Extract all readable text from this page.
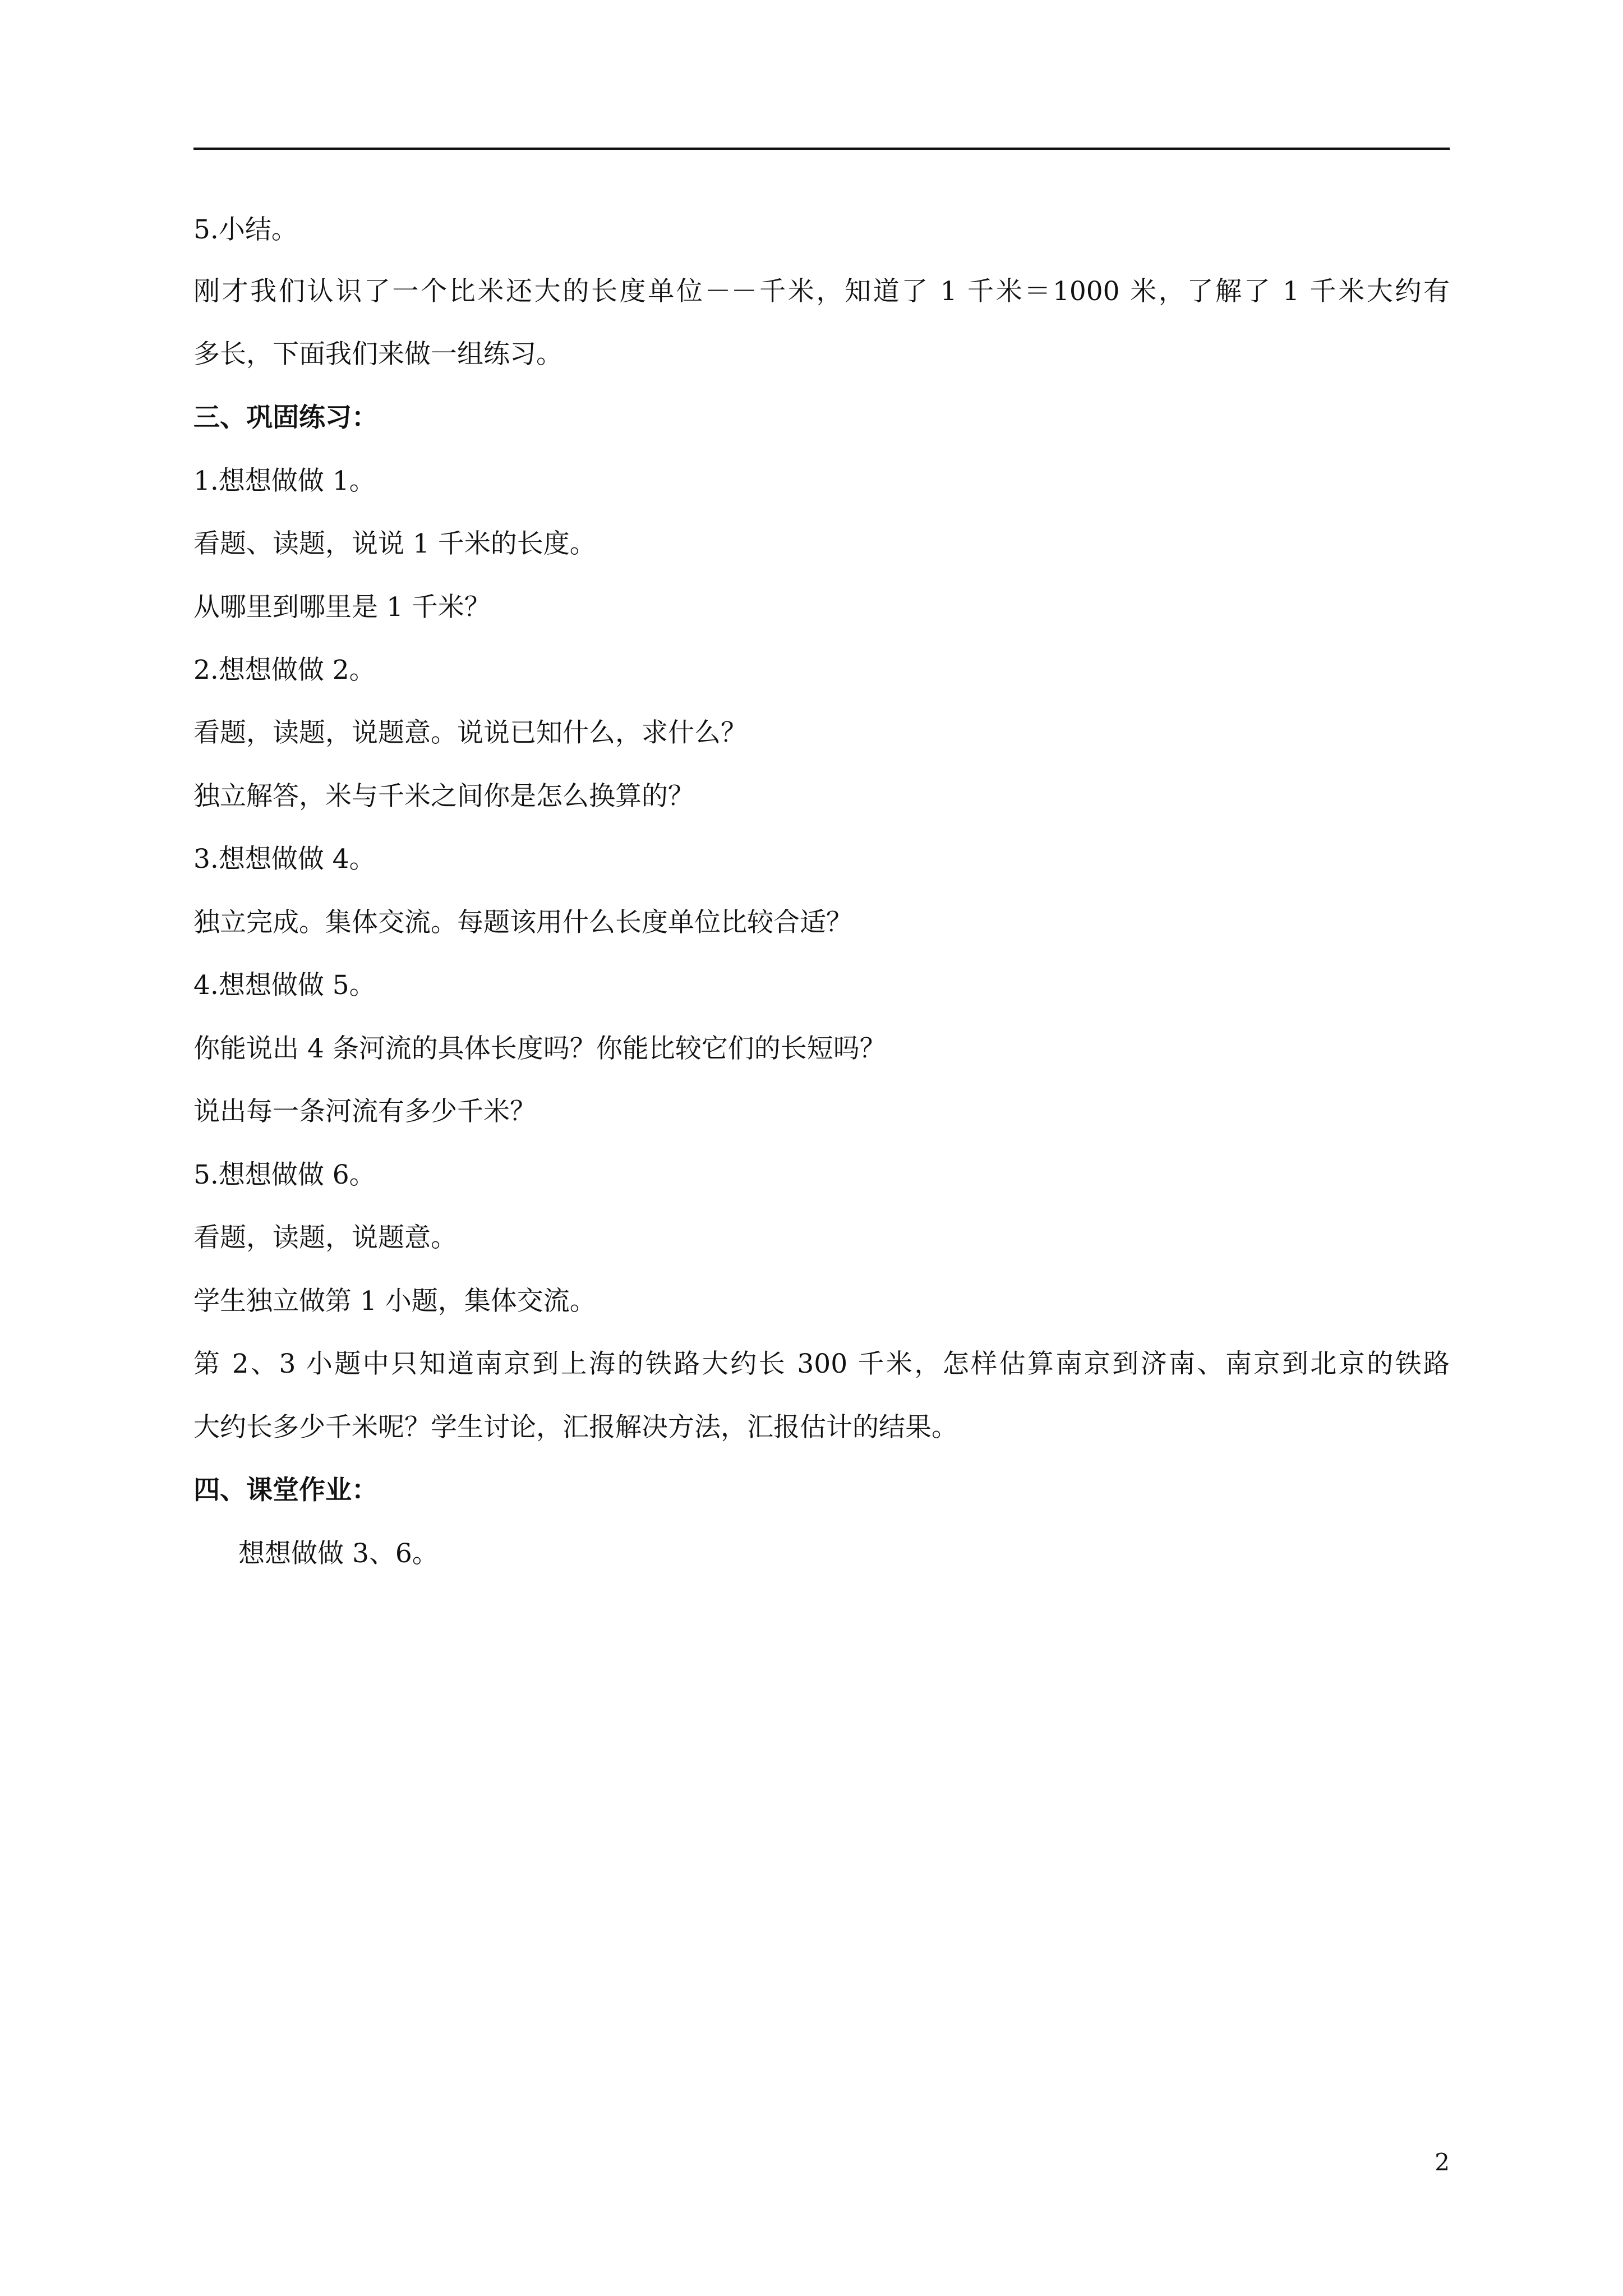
5.小结。
刚才我们认识了一个比米还大的长度单位－－千米，知道了 1 千米＝1000 米，了解了 1 千米大约有
多长，下面我们来做一组练习。
三、巩固练习：
1.想想做做 1。
看题、读题，说说 1 千米的长度。
从哪里到哪里是 1 千米？
2.想想做做 2。
看题，读题，说题意。说说已知什么，求什么？
独立解答，米与千米之间你是怎么换算的？
3.想想做做 4。
独立完成。集体交流。每题该用什么长度单位比较合适？
4.想想做做 5。
你能说出 4 条河流的具体长度吗？你能比较它们的长短吗？
说出每一条河流有多少千米？
5.想想做做 6。
看题，读题，说题意。
学生独立做第 1 小题，集体交流。
第 2、3 小题中只知道南京到上海的铁路大约长 300 千米，怎样估算南京到济南、南京到北京的铁路
大约长多少千米呢？学生讨论，汇报解决方法，汇报估计的结果。
四、课堂作业：
想想做做 3、6。
2
